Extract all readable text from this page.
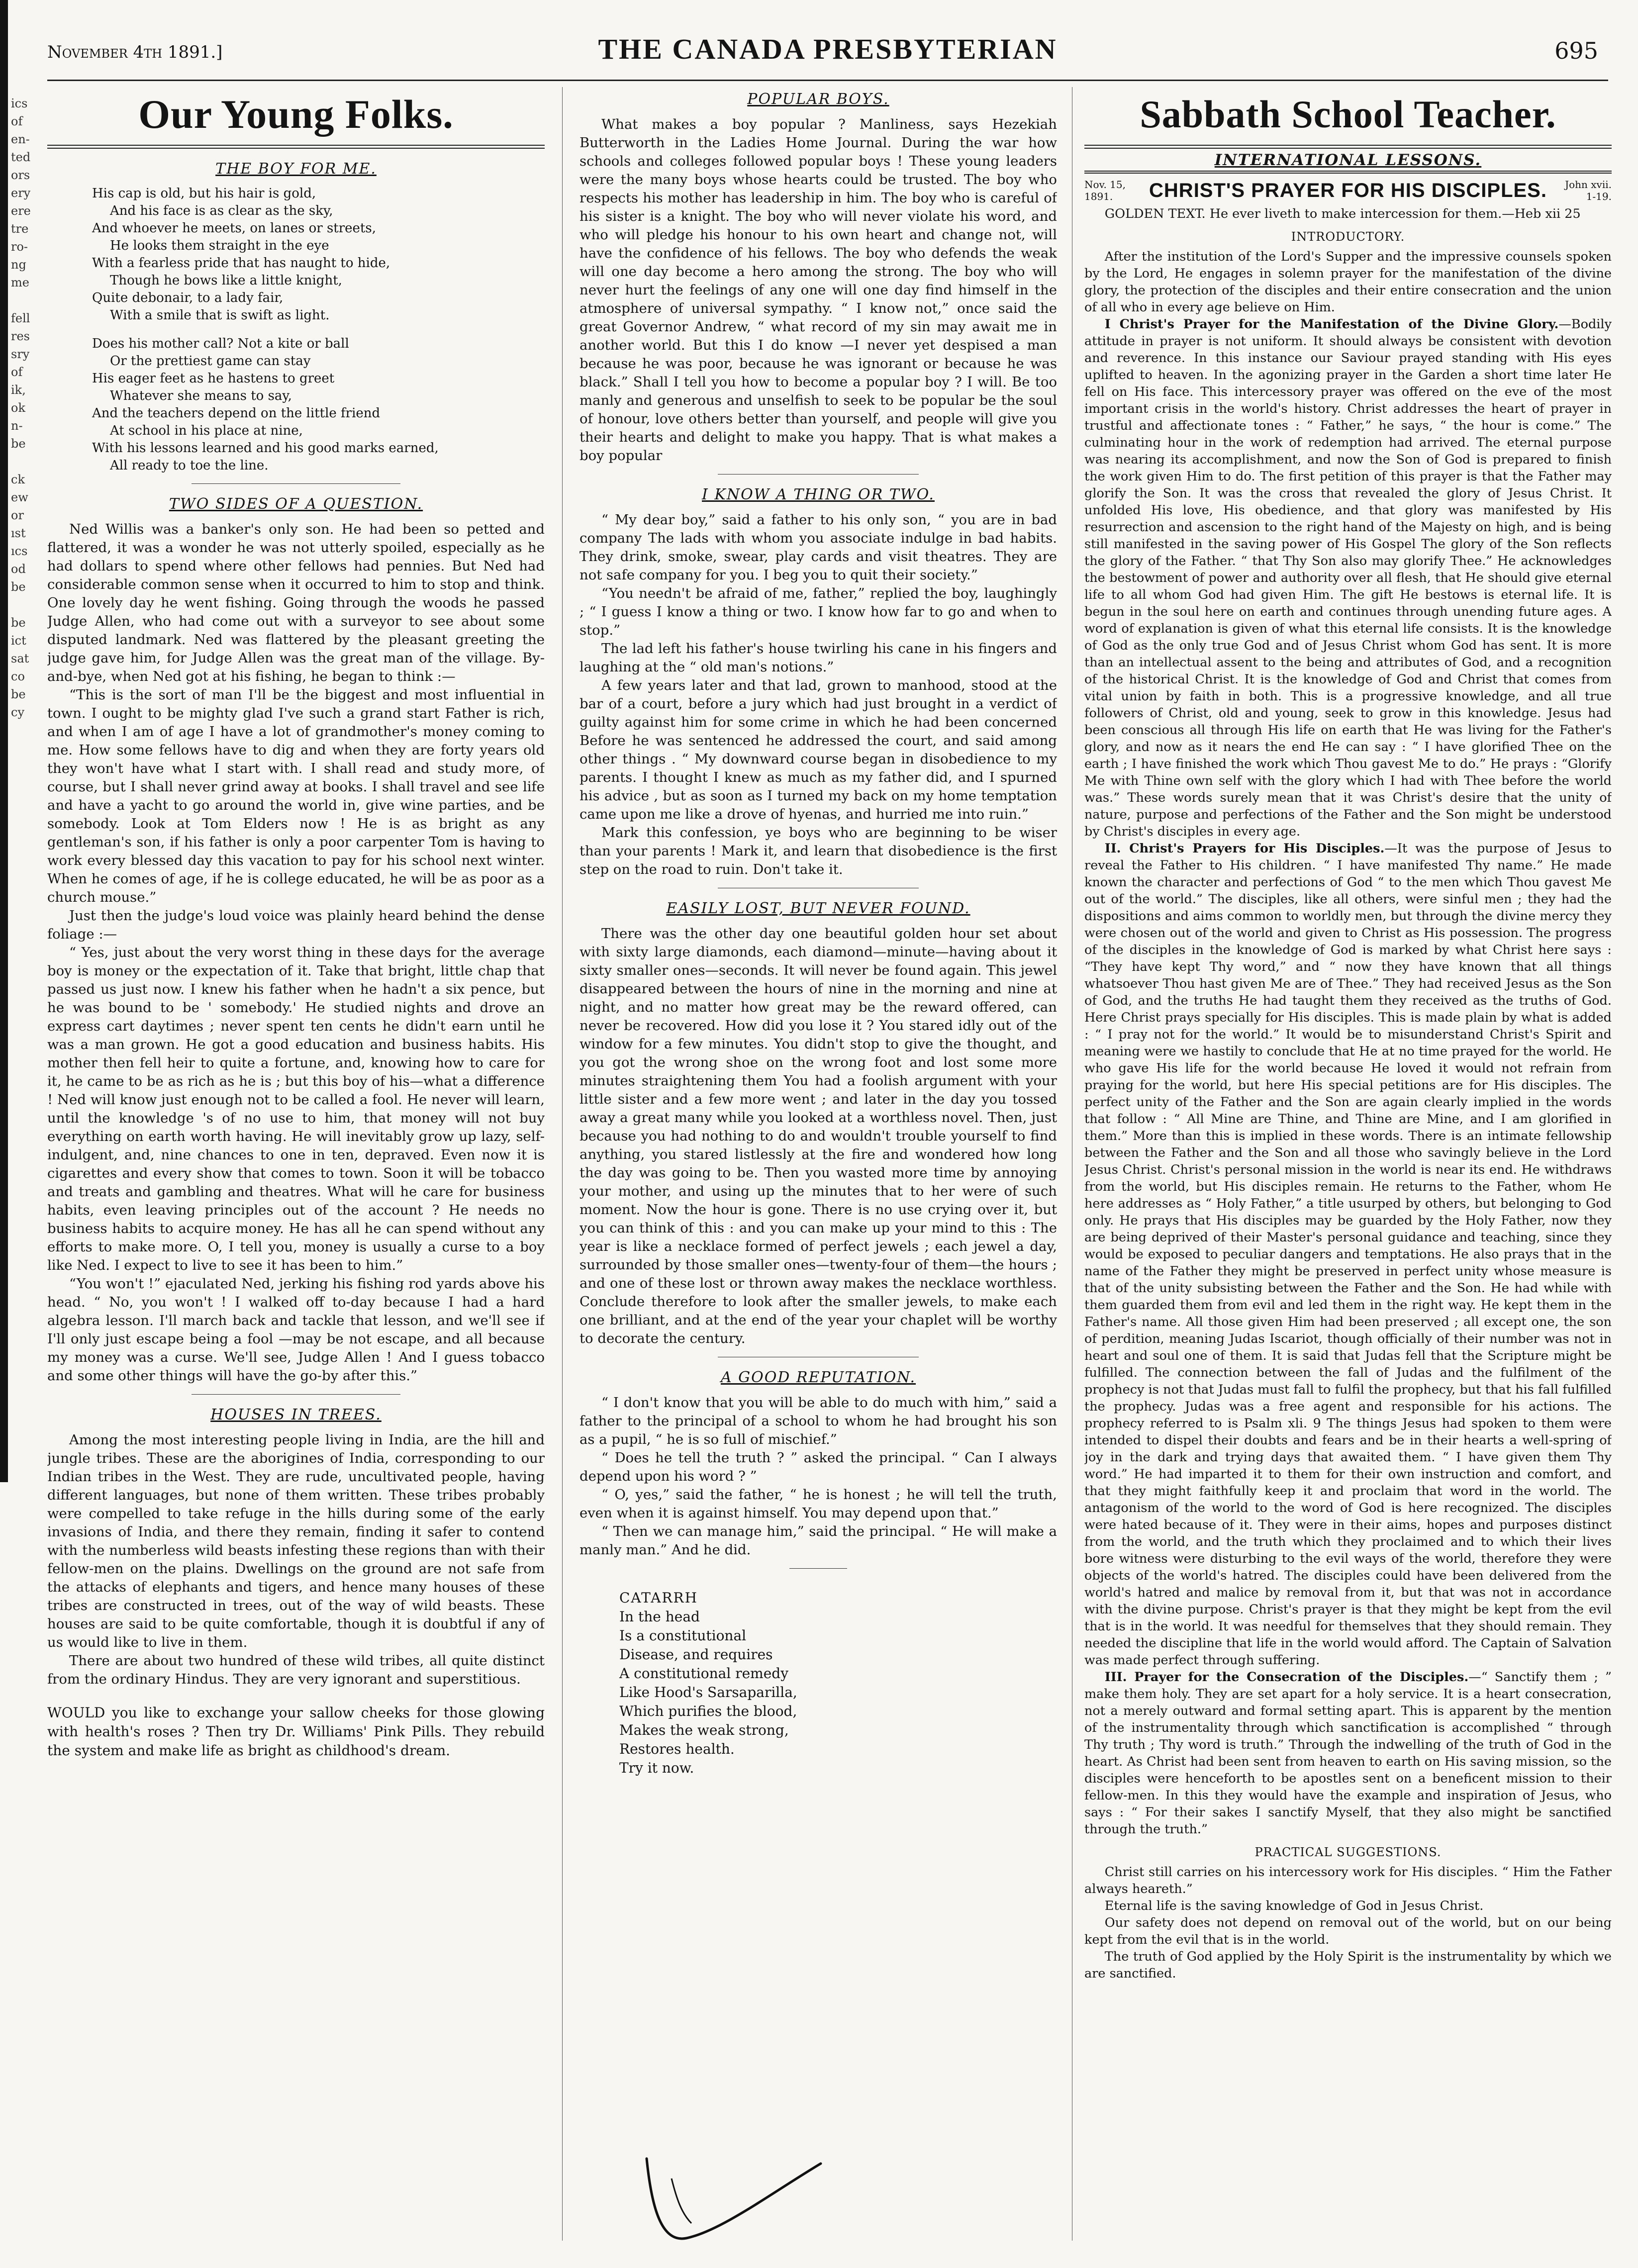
ics
of
en-
ted
ors
ery
ere
tre
ro-
ng
me

fell
res
sry
of
ik,
ok
n-
be

ck
ew
or
ıst
ıcs
od
be

be
ict
sat
co
be
cy
November 4th 1891.]	THE CANADA PRESBYTERIAN	695
Our Young Folks.
THE BOY FOR ME.
His cap is old, but his hair is gold,
And his face is as clear as the sky,
And whoever he meets, on lanes or streets,
He looks them straight in the eye
With a fearless pride that has naught to hide,
Though he bows like a little knight,
Quite debonair, to a lady fair,
With a smile that is swift as light.
Does his mother call? Not a kite or ball
Or the prettiest game can stay
His eager feet as he hastens to greet
Whatever she means to say,
And the teachers depend on the little friend
At school in his place at nine,
With his lessons learned and his good marks earned,
All ready to toe the line.
TWO SIDES OF A QUESTION.

Ned Willis was a banker's only son. He had been so petted and flattered, it was a wonder he was not utterly spoiled, especially as he had dollars to spend where other fellows had pennies. But Ned had considerable common sense when it occurred to him to stop and think. One lovely day he went fishing. Going through the woods he passed Judge Allen, who had come out with a surveyor to see about some disputed landmark. Ned was flattered by the pleasant greeting the judge gave him, for Judge Allen was the great man of the village. By-and-bye, when Ned got at his fishing, he began to think :—

“This is the sort of man I'll be the biggest and most influential in town. I ought to be mighty glad I've such a grand start Father is rich, and when I am of age I have a lot of grandmother's money coming to me. How some fellows have to dig and when they are forty years old they won't have what I start with. I shall read and study more, of course, but I shall never grind away at books. I shall travel and see life and have a yacht to go around the world in, give wine parties, and be somebody. Look at Tom Elders now ! He is as bright as any gentleman's son, if his father is only a poor carpenter Tom is having to work every blessed day this vacation to pay for his school next winter. When he comes of age, if he is college educated, he will be as poor as a church mouse.”

Just then the judge's loud voice was plainly heard behind the dense foliage :—

“ Yes, just about the very worst thing in these days for the average boy is money or the expectation of it. Take that bright, little chap that passed us just now. I knew his father when he hadn't a six pence, but he was bound to be ' somebody.' He studied nights and drove an express cart daytimes ; never spent ten cents he didn't earn until he was a man grown. He got a good education and business habits. His mother then fell heir to quite a fortune, and, knowing how to care for it, he came to be as rich as he is ; but this boy of his—what a difference ! Ned will know just enough not to be called a fool. He never will learn, until the knowledge 's of no use to him, that money will not buy everything on earth worth having. He will inevitably grow up lazy, self-indulgent, and, nine chances to one in ten, depraved. Even now it is cigarettes and every show that comes to town. Soon it will be tobacco and treats and gambling and theatres. What will he care for business habits, even leaving principles out of the account ? He needs no business habits to acquire money. He has all he can spend without any efforts to make more. O, I tell you, money is usually a curse to a boy like Ned. I expect to live to see it has been to him.”

“You won't !” ejaculated Ned, jerking his fishing rod yards above his head. “ No, you won't ! I walked off to-day because I had a hard algebra lesson. I'll march back and tackle that lesson, and we'll see if I'll only just escape being a fool —may be not escape, and all because my money was a curse. We'll see, Judge Allen ! And I guess tobacco and some other things will have the go-by after this.”

HOUSES IN TREES.

Among the most interesting people living in India, are the hill and jungle tribes. These are the aborigines of India, corresponding to our Indian tribes in the West. They are rude, uncultivated people, having different languages, but none of them written. These tribes probably were compelled to take refuge in the hills during some of the early invasions of India, and there they remain, finding it safer to contend with the numberless wild beasts infesting these regions than with their fellow-men on the plains. Dwellings on the ground are not safe from the attacks of elephants and tigers, and hence many houses of these tribes are constructed in trees, out of the way of wild beasts. These houses are said to be quite comfortable, though it is doubtful if any of us would like to live in them.

There are about two hundred of these wild tribes, all quite distinct from the ordinary Hindus. They are very ignorant and superstitious.

WOULD you like to exchange your sallow cheeks for those glowing with health's roses ? Then try Dr. Williams' Pink Pills. They rebuild the system and make life as bright as childhood's dream.

POPULAR BOYS.

What makes a boy popular ? Manliness, says Hezekiah Butterworth in the Ladies Home Journal. During the war how schools and colleges followed popular boys ! These young leaders were the many boys whose hearts could be trusted. The boy who respects his mother has leadership in him. The boy who is careful of his sister is a knight. The boy who will never violate his word, and who will pledge his honour to his own heart and change not, will have the confidence of his fellows. The boy who defends the weak will one day become a hero among the strong. The boy who will never hurt the feelings of any one will one day find himself in the atmosphere of universal sympathy. “ I know not,” once said the great Governor Andrew, “ what record of my sin may await me in another world. But this I do know —I never yet despised a man because he was poor, because he was ignorant or because he was black.” Shall I tell you how to become a popular boy ? I will. Be too manly and generous and unselfish to seek to be popular be the soul of honour, love others better than yourself, and people will give you their hearts and delight to make you happy. That is what makes a boy popular

I KNOW A THING OR TWO.

“ My dear boy,” said a father to his only son, “ you are in bad company The lads with whom you associate indulge in bad habits. They drink, smoke, swear, play cards and visit theatres. They are not safe company for you. I beg you to quit their society.”

“You needn't be afraid of me, father,” replied the boy, laughingly ; “ I guess I know a thing or two. I know how far to go and when to stop.”

The lad left his father's house twirling his cane in his fingers and laughing at the “ old man's notions.”

A few years later and that lad, grown to manhood, stood at the bar of a court, before a jury which had just brought in a verdict of guilty against him for some crime in which he had been concerned Before he was sentenced he addressed the court, and said among other things . “ My downward course began in disobedience to my parents. I thought I knew as much as my father did, and I spurned his advice , but as soon as I turned my back on my home temptation came upon me like a drove of hyenas, and hurried me into ruin.”

Mark this confession, ye boys who are beginning to be wiser than your parents ! Mark it, and learn that disobedience is the first step on the road to ruin. Don't take it.

EASILY LOST, BUT NEVER FOUND.

There was the other day one beautiful golden hour set about with sixty large diamonds, each diamond—minute—having about it sixty smaller ones—seconds. It will never be found again. This jewel disappeared between the hours of nine in the morning and nine at night, and no matter how great may be the reward offered, can never be recovered. How did you lose it ? You stared idly out of the window for a few minutes. You didn't stop to give the thought, and you got the wrong shoe on the wrong foot and lost some more minutes straightening them You had a foolish argument with your little sister and a few more went ; and later in the day you tossed away a great many while you looked at a worthless novel. Then, just because you had nothing to do and wouldn't trouble yourself to find anything, you stared listlessly at the fire and wondered how long the day was going to be. Then you wasted more time by annoying your mother, and using up the minutes that to her were of such moment. Now the hour is gone. There is no use crying over it, but you can think of this : and you can make up your mind to this : The year is like a necklace formed of perfect jewels ; each jewel a day, surrounded by those smaller ones—twenty-four of them—the hours ; and one of these lost or thrown away makes the necklace worthless. Conclude therefore to look after the smaller jewels, to make each one brilliant, and at the end of the year your chaplet will be worthy to decorate the century.

A GOOD REPUTATION.

“ I don't know that you will be able to do much with him,” said a father to the principal of a school to whom he had brought his son as a pupil, “ he is so full of mischief.”

“ Does he tell the truth ? ” asked the principal. “ Can I always depend upon his word ? ”

“ O, yes,” said the father, “ he is honest ; he will tell the truth, even when it is against himself. You may depend upon that.”

“ Then we can manage him,” said the principal. “ He will make a manly man.” And he did.

CATARRH
In the head
Is a constitutional
Disease, and requires
A constitutional remedy
Like Hood's Sarsaparilla,
Which purifies the blood,
Makes the weak strong,
Restores health.
Try it now.
Sabbath School Teacher.
INTERNATIONAL LESSONS.
Nov. 15, 1891.	CHRIST'S PRAYER FOR HIS DISCIPLES.	John xvii. 1-19.

GOLDEN TEXT. He ever liveth to make intercession for them.—Heb xii 25

INTRODUCTORY.

After the institution of the Lord's Supper and the impressive counsels spoken by the Lord, He engages in solemn prayer for the manifestation of the divine glory, the protection of the disciples and their entire consecration and the union of all who in every age believe on Him.

I Christ's Prayer for the Manifestation of the Divine Glory.—Bodily attitude in prayer is not uniform. It should always be consistent with devotion and reverence. In this instance our Saviour prayed standing with His eyes uplifted to heaven. In the agonizing prayer in the Garden a short time later He fell on His face. This intercessory prayer was offered on the eve of the most important crisis in the world's history. Christ addresses the heart of prayer in trustful and affectionate tones : “ Father,” he says, “ the hour is come.” The culminating hour in the work of redemption had arrived. The eternal purpose was nearing its accomplishment, and now the Son of God is prepared to finish the work given Him to do. The first petition of this prayer is that the Father may glorify the Son. It was the cross that revealed the glory of Jesus Christ. It unfolded His love, His obedience, and that glory was manifested by His resurrection and ascension to the right hand of the Majesty on high, and is being still manifested in the saving power of His Gospel The glory of the Son reflects the glory of the Father. “ that Thy Son also may glorify Thee.” He acknowledges the bestowment of power and authority over all flesh, that He should give eternal life to all whom God had given Him. The gift He bestows is eternal life. It is begun in the soul here on earth and continues through unending future ages. A word of explanation is given of what this eternal life consists. It is the knowledge of God as the only true God and of Jesus Christ whom God has sent. It is more than an intellectual assent to the being and attributes of God, and a recognition of the historical Christ. It is the knowledge of God and Christ that comes from vital union by faith in both. This is a progressive knowledge, and all true followers of Christ, old and young, seek to grow in this knowledge. Jesus had been conscious all through His life on earth that He was living for the Father's glory, and now as it nears the end He can say : “ I have glorified Thee on the earth ; I have finished the work which Thou gavest Me to do.” He prays : “Glorify Me with Thine own self with the glory which I had with Thee before the world was.” These words surely mean that it was Christ's desire that the unity of nature, purpose and perfections of the Father and the Son might be understood by Christ's disciples in every age.

II. Christ's Prayers for His Disciples.—It was the purpose of Jesus to reveal the Father to His children. “ I have manifested Thy name.” He made known the character and perfections of God “ to the men which Thou gavest Me out of the world.” The disciples, like all others, were sinful men ; they had the dispositions and aims common to worldly men, but through the divine mercy they were chosen out of the world and given to Christ as His possession. The progress of the disciples in the knowledge of God is marked by what Christ here says : “They have kept Thy word,” and “ now they have known that all things whatsoever Thou hast given Me are of Thee.” They had received Jesus as the Son of God, and the truths He had taught them they received as the truths of God. Here Christ prays specially for His disciples. This is made plain by what is added : “ I pray not for the world.” It would be to misunderstand Christ's Spirit and meaning were we hastily to conclude that He at no time prayed for the world. He who gave His life for the world because He loved it would not refrain from praying for the world, but here His special petitions are for His disciples. The perfect unity of the Father and the Son are again clearly implied in the words that follow : “ All Mine are Thine, and Thine are Mine, and I am glorified in them.” More than this is implied in these words. There is an intimate fellowship between the Father and the Son and all those who savingly believe in the Lord Jesus Christ. Christ's personal mission in the world is near its end. He withdraws from the world, but His disciples remain. He returns to the Father, whom He here addresses as “ Holy Father,” a title usurped by others, but belonging to God only. He prays that His disciples may be guarded by the Holy Father, now they are being deprived of their Master's personal guidance and teaching, since they would be exposed to peculiar dangers and temptations. He also prays that in the name of the Father they might be preserved in perfect unity whose measure is that of the unity subsisting between the Father and the Son. He had while with them guarded them from evil and led them in the right way. He kept them in the Father's name. All those given Him had been preserved ; all except one, the son of perdition, meaning Judas Iscariot, though officially of their number was not in heart and soul one of them. It is said that Judas fell that the Scripture might be fulfilled. The connection between the fall of Judas and the fulfilment of the prophecy is not that Judas must fall to fulfil the prophecy, but that his fall fulfilled the prophecy. Judas was a free agent and responsible for his actions. The prophecy referred to is Psalm xli. 9 The things Jesus had spoken to them were intended to dispel their doubts and fears and be in their hearts a well-spring of joy in the dark and trying days that awaited them. “ I have given them Thy word.” He had imparted it to them for their own instruction and comfort, and that they might faithfully keep it and proclaim that word in the world. The antagonism of the world to the word of God is here recognized. The disciples were hated because of it. They were in their aims, hopes and purposes distinct from the world, and the truth which they proclaimed and to which their lives bore witness were disturbing to the evil ways of the world, therefore they were objects of the world's hatred. The disciples could have been delivered from the world's hatred and malice by removal from it, but that was not in accordance with the divine purpose. Christ's prayer is that they might be kept from the evil that is in the world. It was needful for themselves that they should remain. They needed the discipline that life in the world would afford. The Captain of Salvation was made perfect through suffering.

III. Prayer for the Consecration of the Disciples.—“ Sanctify them ; ” make them holy. They are set apart for a holy service. It is a heart consecration, not a merely outward and formal setting apart. This is apparent by the mention of the instrumentality through which sanctification is accomplished “ through Thy truth ; Thy word is truth.” Through the indwelling of the truth of God in the heart. As Christ had been sent from heaven to earth on His saving mission, so the disciples were henceforth to be apostles sent on a beneficent mission to their fellow-men. In this they would have the example and inspiration of Jesus, who says : “ For their sakes I sanctify Myself, that they also might be sanctified through the truth.”

PRACTICAL SUGGESTIONS.

Christ still carries on his intercessory work for His disciples. “ Him the Father always heareth.”

Eternal life is the saving knowledge of God in Jesus Christ.

Our safety does not depend on removal out of the world, but on our being kept from the evil that is in the world.

The truth of God applied by the Holy Spirit is the instrumentality by which we are sanctified.
